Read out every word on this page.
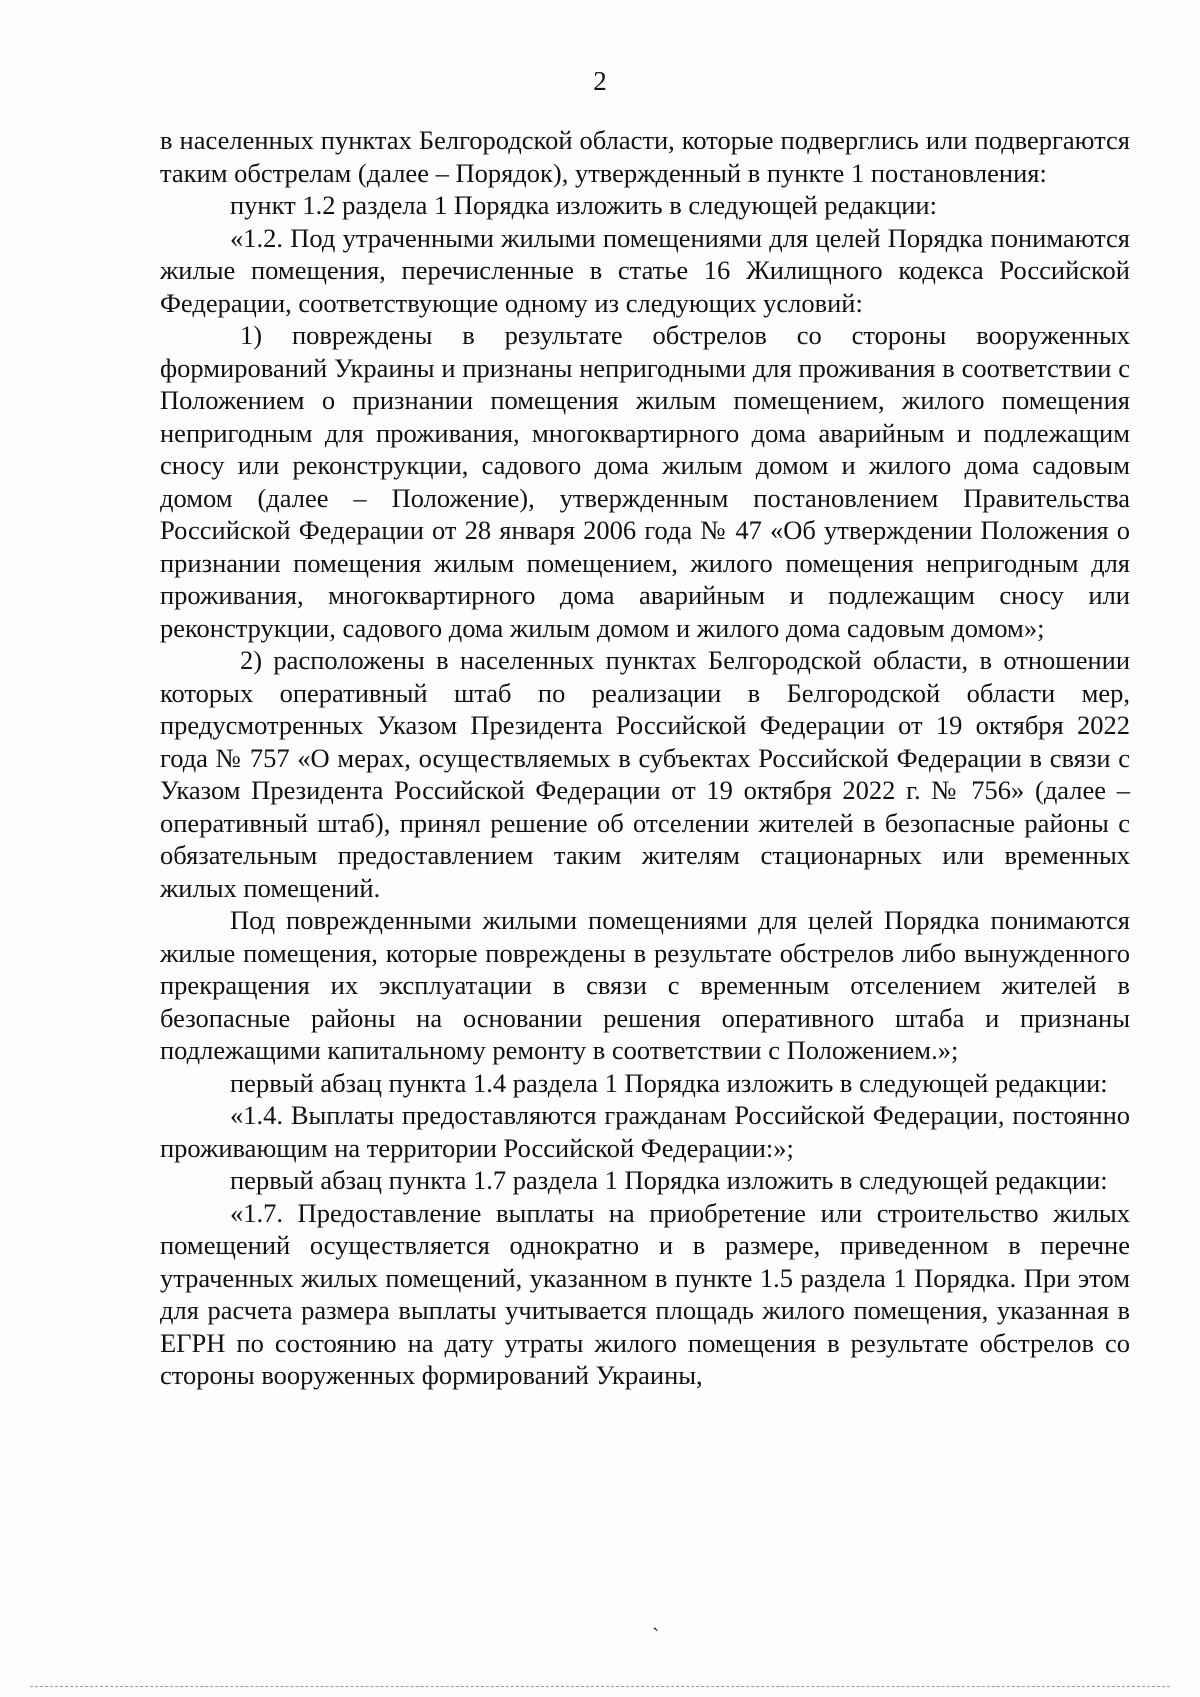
2

в населенных пунктах Белгородской области, которые подверглись или подвергаются таким обстрелам (далее – Порядок), утвержденный в пункте 1 постановления:

пункт 1.2 раздела 1 Порядка изложить в следующей редакции:

«1.2. Под утраченными жилыми помещениями для целей Порядка понимаются жилые помещения, перечисленные в статье 16 Жилищного кодекса Российской Федерации, соответствующие одному из следующих условий:

1) повреждены в результате обстрелов со стороны вооруженных формирований Украины и признаны непригодными для проживания в соответствии с Положением о признании помещения жилым помещением, жилого помещения непригодным для проживания, многоквартирного дома аварийным и подлежащим сносу или реконструкции, садового дома жилым домом и жилого дома садовым домом (далее – Положение), утвержденным постановлением Правительства Российской Федерации от 28 января 2006 года № 47 «Об утверждении Положения о признании помещения жилым помещением, жилого помещения непригодным для проживания, многоквартирного дома аварийным и подлежащим сносу или реконструкции, садового дома жилым домом и жилого дома садовым домом»;

2) расположены в населенных пунктах Белгородской области, в отношении которых оперативный штаб по реализации в Белгородской области мер, предусмотренных Указом Президента Российской Федерации от 19 октября 2022 года № 757 «О мерах, осуществляемых в субъектах Российской Федерации в связи с Указом Президента Российской Федерации от 19 октября 2022 г. № 756» (далее – оперативный штаб), принял решение об отселении жителей в безопасные районы с обязательным предоставлением таким жителям стационарных или временных жилых помещений.

Под поврежденными жилыми помещениями для целей Порядка понимаются жилые помещения, которые повреждены в результате обстрелов либо вынужденного прекращения их эксплуатации в связи с временным отселением жителей в безопасные районы на основании решения оперативного штаба и признаны подлежащими капитальному ремонту в соответствии с Положением.»;

первый абзац пункта 1.4 раздела 1 Порядка изложить в следующей редакции:

«1.4. Выплаты предоставляются гражданам Российской Федерации, постоянно проживающим на территории Российской Федерации:»;

первый абзац пункта 1.7 раздела 1 Порядка изложить в следующей редакции:

«1.7. Предоставление выплаты на приобретение или строительство жилых помещений осуществляется однократно и в размере, приведенном в перечне утраченных жилых помещений, указанном в пункте 1.5 раздела 1 Порядка. При этом для расчета размера выплаты учитывается площадь жилого помещения, указанная в ЕГРН по состоянию на дату утраты жилого помещения в результате обстрелов со стороны вооруженных формирований Украины,

ˏ
